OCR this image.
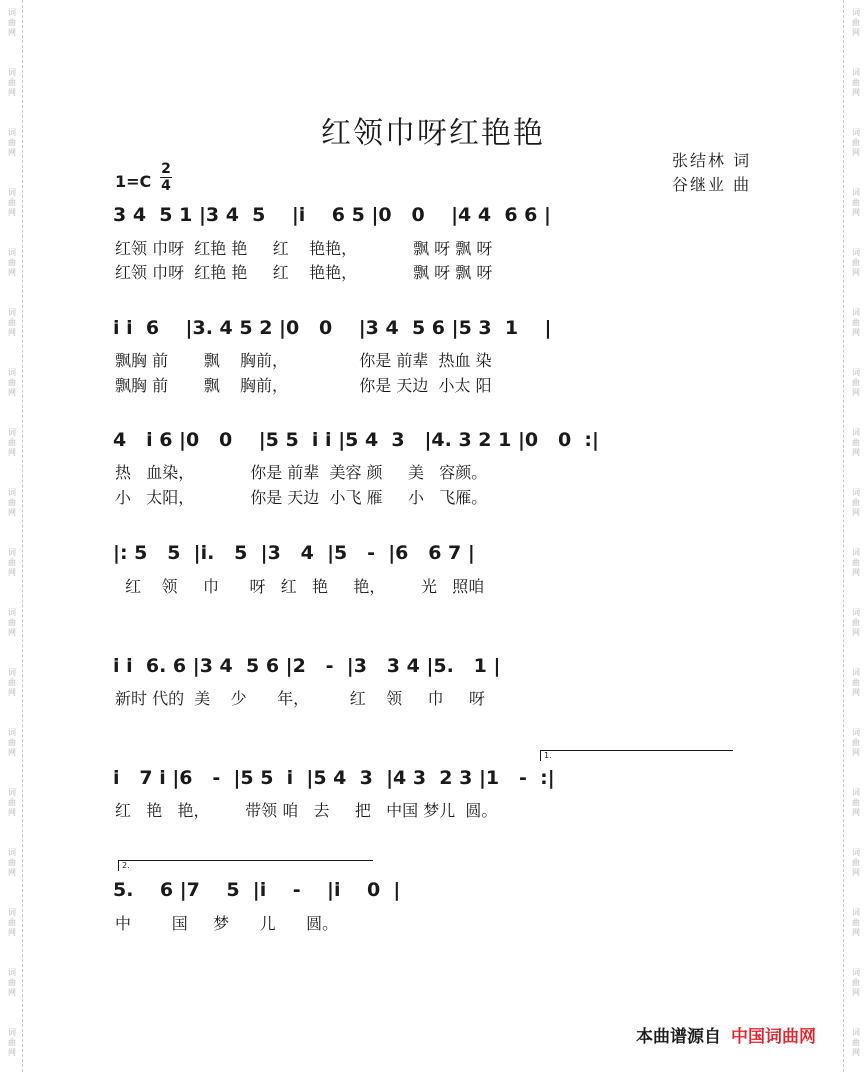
词
曲
网
词
曲
网
词
曲
网
词
曲
网
词
曲
网
词
曲
网
词
曲
网
词
曲
网
词
曲
网
词
曲
网
词
曲
网
词
曲
网
词
曲
网
词
曲
网
词
曲
网
词
曲
网
词
曲
网
词
曲
网
词
曲
网
词
曲
网
词
曲
网
词
曲
网
词
曲
网
词
曲
网
词
曲
网
词
曲
网
词
曲
网
词
曲
网
词
曲
网
词
曲
网
词
曲
网
词
曲
网
词
曲
网
词
曲
网
词
曲
网
词
曲
网
红领巾呀红艳艳
张结林 词
谷继业 曲
1=C
2
4
3 4  5 1 |3 4  5    |i    6 5 |0   0    |4 4  6 6 |
红领 巾呀  红艳 艳     红    艳艳，           飘 呀 飘 呀
红领 巾呀  红艳 艳     红    艳艳，           飘 呀 飘 呀
i i  6    |3. 4 5 2 |0   0    |3 4  5 6 |5 3  1    |
飘胸 前       飘    胸前，              你是 前辈  热血 染
飘胸 前       飘    胸前，              你是 天边  小太 阳
4   i 6 |0   0    |5 5  i i |5 4  3   |4. 3 2 1 |0   0  :|
热   血染，           你是 前辈  美容 颜     美   容颜。
小   太阳，           你是 天边  小飞 雁     小   飞雁。
|: 5   5  |i.   5  |3   4  |5   -  |6   6 7 |
红    领     巾      呀   红   艳     艳，       光   照咱
i i  6. 6 |3 4  5 6 |2   -  |3   3 4 |5.   1 |
新时 代的  美    少      年，        红    领     巾     呀
1.
i   7 i |6   -  |5 5  i  |5 4  3  |4 3  2 3 |1   -  :|
红   艳   艳，       带领 咱   去     把   中国 梦儿  圆。
2.
5.    6 |7    5  |i    -    |i    0  |
中        国     梦      儿      圆。
本曲谱源自 中国词曲网
